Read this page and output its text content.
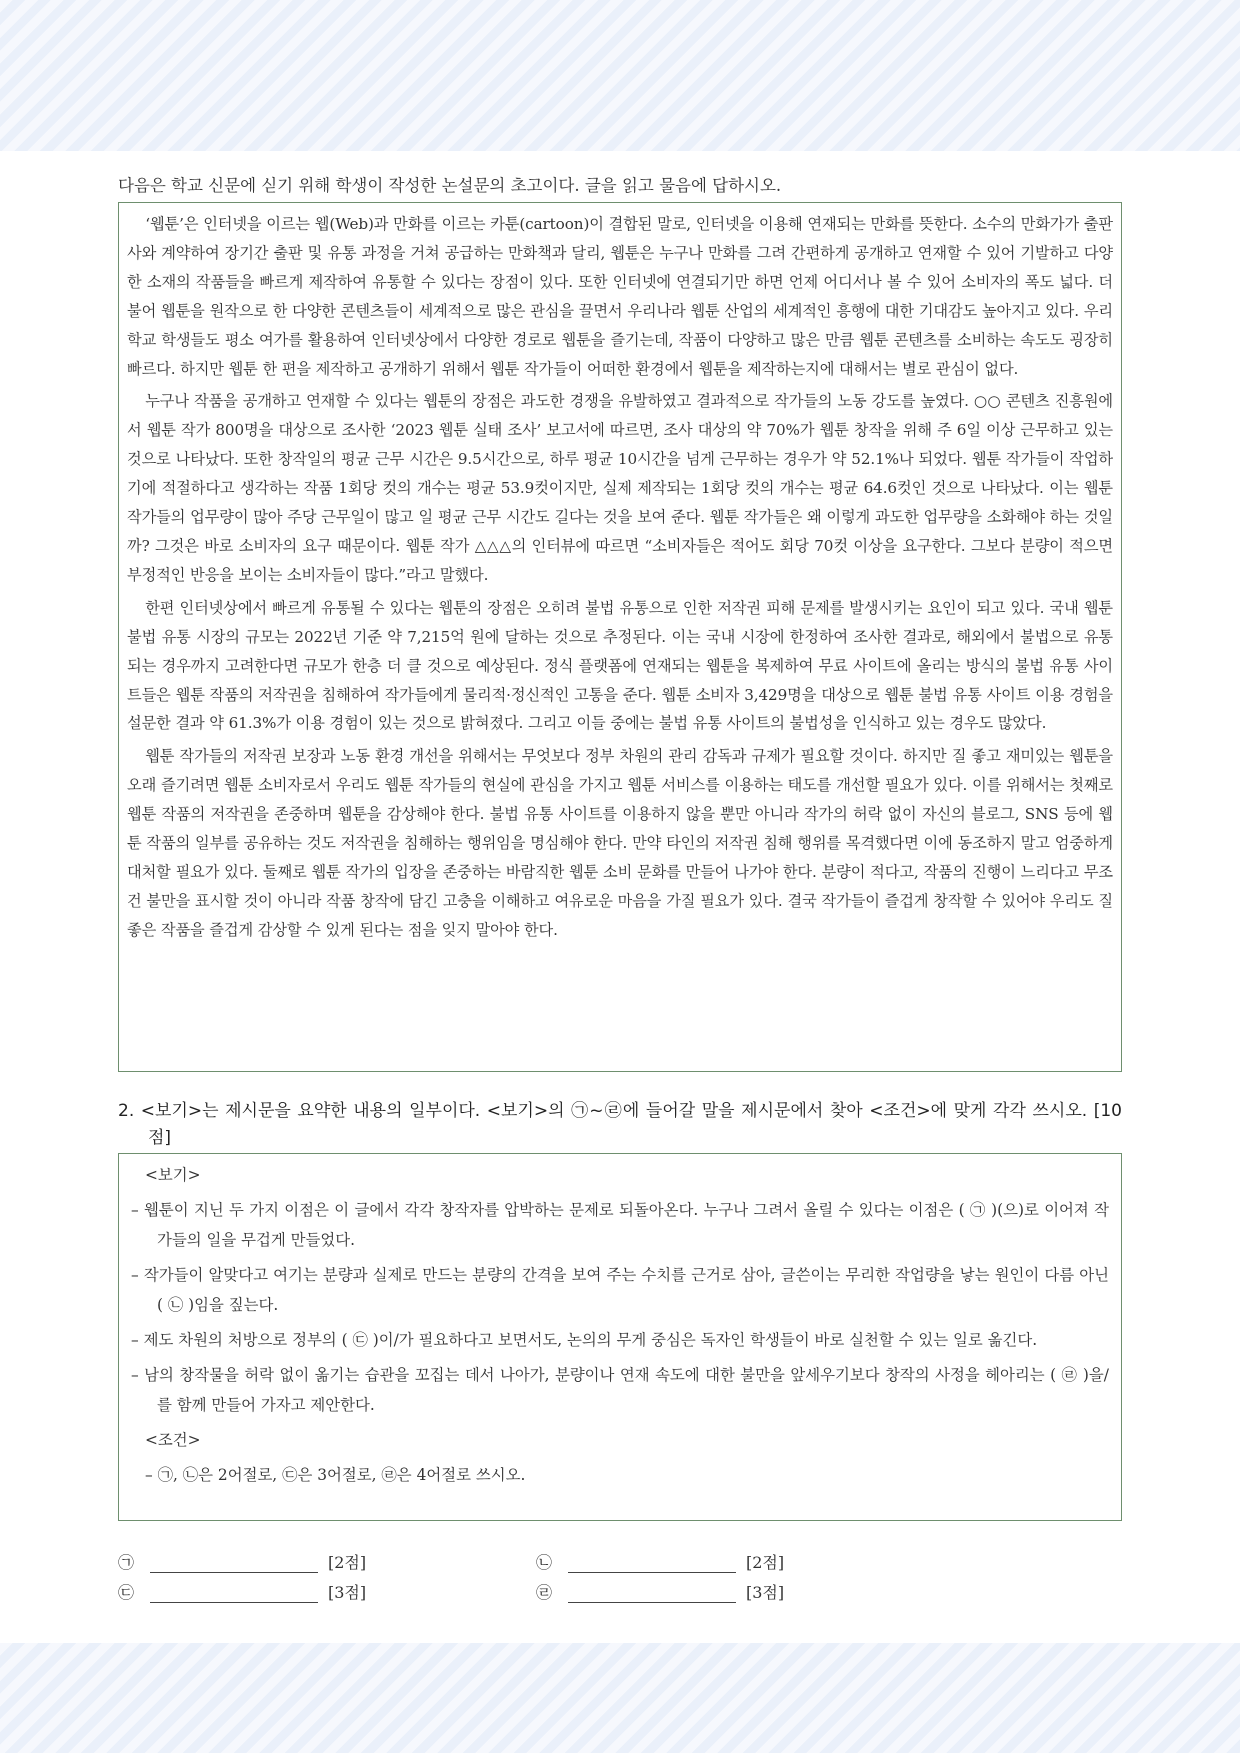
다음은 학교 신문에 싣기 위해 학생이 작성한 논설문의 초고이다. 글을 읽고 물음에 답하시오.

‘웹툰’은 인터넷을 이르는 웹(Web)과 만화를 이르는 카툰(cartoon)이 결합된 말로, 인터넷을 이용해 연재되는 만화를 뜻한다. 소수의 만화가가 출판사와 계약하여 장기간 출판 및 유통 과정을 거쳐 공급하는 만화책과 달리, 웹툰은 누구나 만화를 그려 간편하게 공개하고 연재할 수 있어 기발하고 다양한 소재의 작품들을 빠르게 제작하여 유통할 수 있다는 장점이 있다. 또한 인터넷에 연결되기만 하면 언제 어디서나 볼 수 있어 소비자의 폭도 넓다. 더불어 웹툰을 원작으로 한 다양한 콘텐츠들이 세계적으로 많은 관심을 끌면서 우리나라 웹툰 산업의 세계적인 흥행에 대한 기대감도 높아지고 있다. 우리 학교 학생들도 평소 여가를 활용하여 인터넷상에서 다양한 경로로 웹툰을 즐기는데, 작품이 다양하고 많은 만큼 웹툰 콘텐츠를 소비하는 속도도 굉장히 빠르다. 하지만 웹툰 한 편을 제작하고 공개하기 위해서 웹툰 작가들이 어떠한 환경에서 웹툰을 제작하는지에 대해서는 별로 관심이 없다.

누구나 작품을 공개하고 연재할 수 있다는 웹툰의 장점은 과도한 경쟁을 유발하였고 결과적으로 작가들의 노동 강도를 높였다. ○○ 콘텐츠 진흥원에서 웹툰 작가 800명을 대상으로 조사한 ‘2023 웹툰 실태 조사’ 보고서에 따르면, 조사 대상의 약 70%가 웹툰 창작을 위해 주 6일 이상 근무하고 있는 것으로 나타났다. 또한 창작일의 평균 근무 시간은 9.5시간으로, 하루 평균 10시간을 넘게 근무하는 경우가 약 52.1%나 되었다. 웹툰 작가들이 작업하기에 적절하다고 생각하는 작품 1회당 컷의 개수는 평균 53.9컷이지만, 실제 제작되는 1회당 컷의 개수는 평균 64.6컷인 것으로 나타났다. 이는 웹툰 작가들의 업무량이 많아 주당 근무일이 많고 일 평균 근무 시간도 길다는 것을 보여 준다. 웹툰 작가들은 왜 이렇게 과도한 업무량을 소화해야 하는 것일까? 그것은 바로 소비자의 요구 때문이다. 웹툰 작가 △△△의 인터뷰에 따르면 “소비자들은 적어도 회당 70컷 이상을 요구한다. 그보다 분량이 적으면 부정적인 반응을 보이는 소비자들이 많다.”라고 말했다.

한편 인터넷상에서 빠르게 유통될 수 있다는 웹툰의 장점은 오히려 불법 유통으로 인한 저작권 피해 문제를 발생시키는 요인이 되고 있다. 국내 웹툰 불법 유통 시장의 규모는 2022년 기준 약 7,215억 원에 달하는 것으로 추정된다. 이는 국내 시장에 한정하여 조사한 결과로, 해외에서 불법으로 유통되는 경우까지 고려한다면 규모가 한층 더 클 것으로 예상된다. 정식 플랫폼에 연재되는 웹툰을 복제하여 무료 사이트에 올리는 방식의 불법 유통 사이트들은 웹툰 작품의 저작권을 침해하여 작가들에게 물리적·정신적인 고통을 준다. 웹툰 소비자 3,429명을 대상으로 웹툰 불법 유통 사이트 이용 경험을 설문한 결과 약 61.3%가 이용 경험이 있는 것으로 밝혀졌다. 그리고 이들 중에는 불법 유통 사이트의 불법성을 인식하고 있는 경우도 많았다.

웹툰 작가들의 저작권 보장과 노동 환경 개선을 위해서는 무엇보다 정부 차원의 관리 감독과 규제가 필요할 것이다. 하지만 질 좋고 재미있는 웹툰을 오래 즐기려면 웹툰 소비자로서 우리도 웹툰 작가들의 현실에 관심을 가지고 웹툰 서비스를 이용하는 태도를 개선할 필요가 있다. 이를 위해서는 첫째로 웹툰 작품의 저작권을 존중하며 웹툰을 감상해야 한다. 불법 유통 사이트를 이용하지 않을 뿐만 아니라 작가의 허락 없이 자신의 블로그, SNS 등에 웹툰 작품의 일부를 공유하는 것도 저작권을 침해하는 행위임을 명심해야 한다. 만약 타인의 저작권 침해 행위를 목격했다면 이에 동조하지 말고 엄중하게 대처할 필요가 있다. 둘째로 웹툰 작가의 입장을 존중하는 바람직한 웹툰 소비 문화를 만들어 나가야 한다. 분량이 적다고, 작품의 진행이 느리다고 무조건 불만을 표시할 것이 아니라 작품 창작에 담긴 고충을 이해하고 여유로운 마음을 가질 필요가 있다. 결국 작가들이 즐겁게 창작할 수 있어야 우리도 질 좋은 작품을 즐겁게 감상할 수 있게 된다는 점을 잊지 말아야 한다.

2. <보기>는 제시문을 요약한 내용의 일부이다. <보기>의 ㉠~㉣에 들어갈 말을 제시문에서 찾아 <조건>에 맞게 각각 쓰시오. [10점]

<보기>
– 웹툰이 지닌 두 가지 이점은 이 글에서 각각 창작자를 압박하는 문제로 되돌아온다. 누구나 그려서 올릴 수 있다는 이점은 ( ㉠ )(으)로 이어져 작가들의 일을 무겁게 만들었다.
– 작가들이 알맞다고 여기는 분량과 실제로 만드는 분량의 간격을 보여 주는 수치를 근거로 삼아, 글쓴이는 무리한 작업량을 낳는 원인이 다름 아닌 ( ㉡ )임을 짚는다.
– 제도 차원의 처방으로 정부의 ( ㉢ )이/가 필요하다고 보면서도, 논의의 무게 중심은 독자인 학생들이 바로 실천할 수 있는 일로 옮긴다.
– 남의 창작물을 허락 없이 옮기는 습관을 꼬집는 데서 나아가, 분량이나 연재 속도에 대한 불만을 앞세우기보다 창작의 사정을 헤아리는 ( ㉣ )을/를 함께 만들어 가자고 제안한다.
<조건>
– ㉠, ㉡은 2어절로, ㉢은 3어절로, ㉣은 4어절로 쓰시오.
㉠	[2점]	㉡	[2점]
㉢	[3점]	㉣	[3점]
